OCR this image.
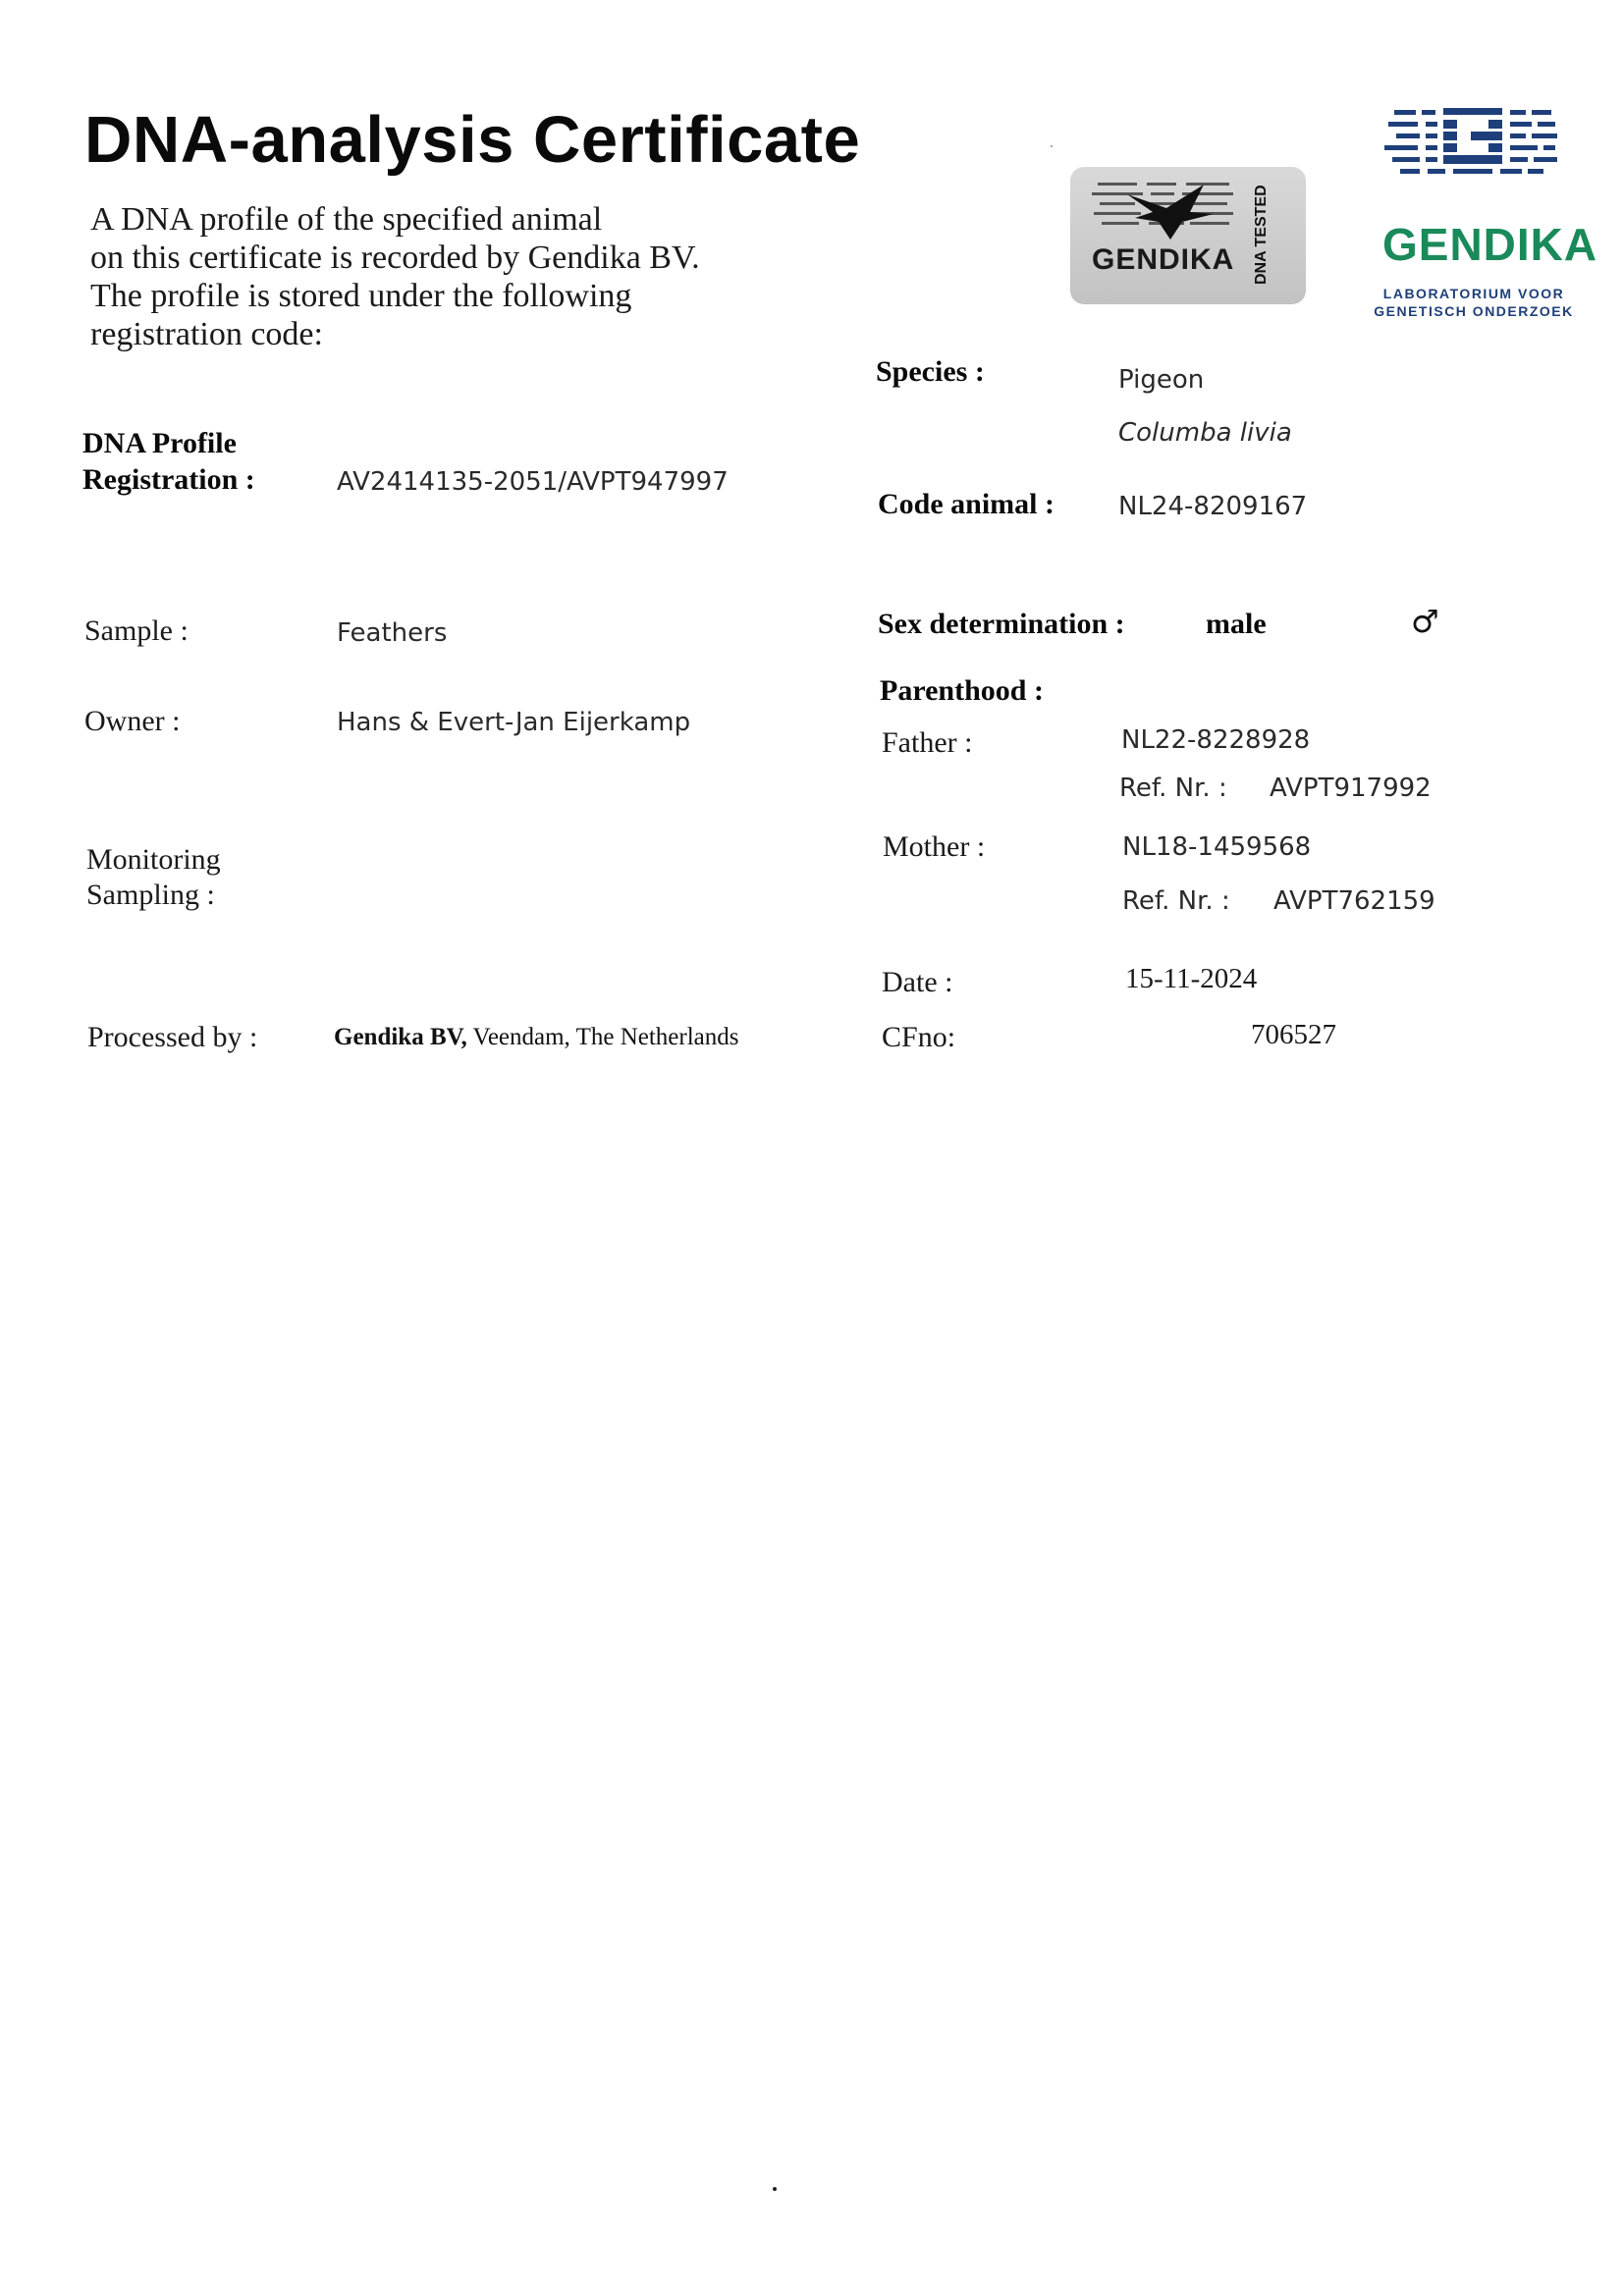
DNA-analysis Certificate
A DNA profile of the specified animal
on this certificate is recorded by Gendika BV.
The profile is stored under the following
registration code:
GENDIKA DNA TESTED	GENDIKA
LABORATORIUM VOOR
GENETISCH ONDERZOEK
DNA Profile
Registration :	AV2414135-2051/AVPT947997
Sample :	Feathers
Owner :	Hans & Evert-Jan Eijerkamp
Monitoring
Sampling :
Processed by :	Gendika BV, Veendam, The Netherlands
Species :	Pigeon
Columba livia
Code animal :	NL24-8209167
Sex determination :	male	♂
Parenthood :
Father :	NL22-8228928
Ref. Nr. : AVPT917992
Mother :	NL18-1459568
Ref. Nr. : AVPT762159
Date :	15-11-2024
CFno:	706527
